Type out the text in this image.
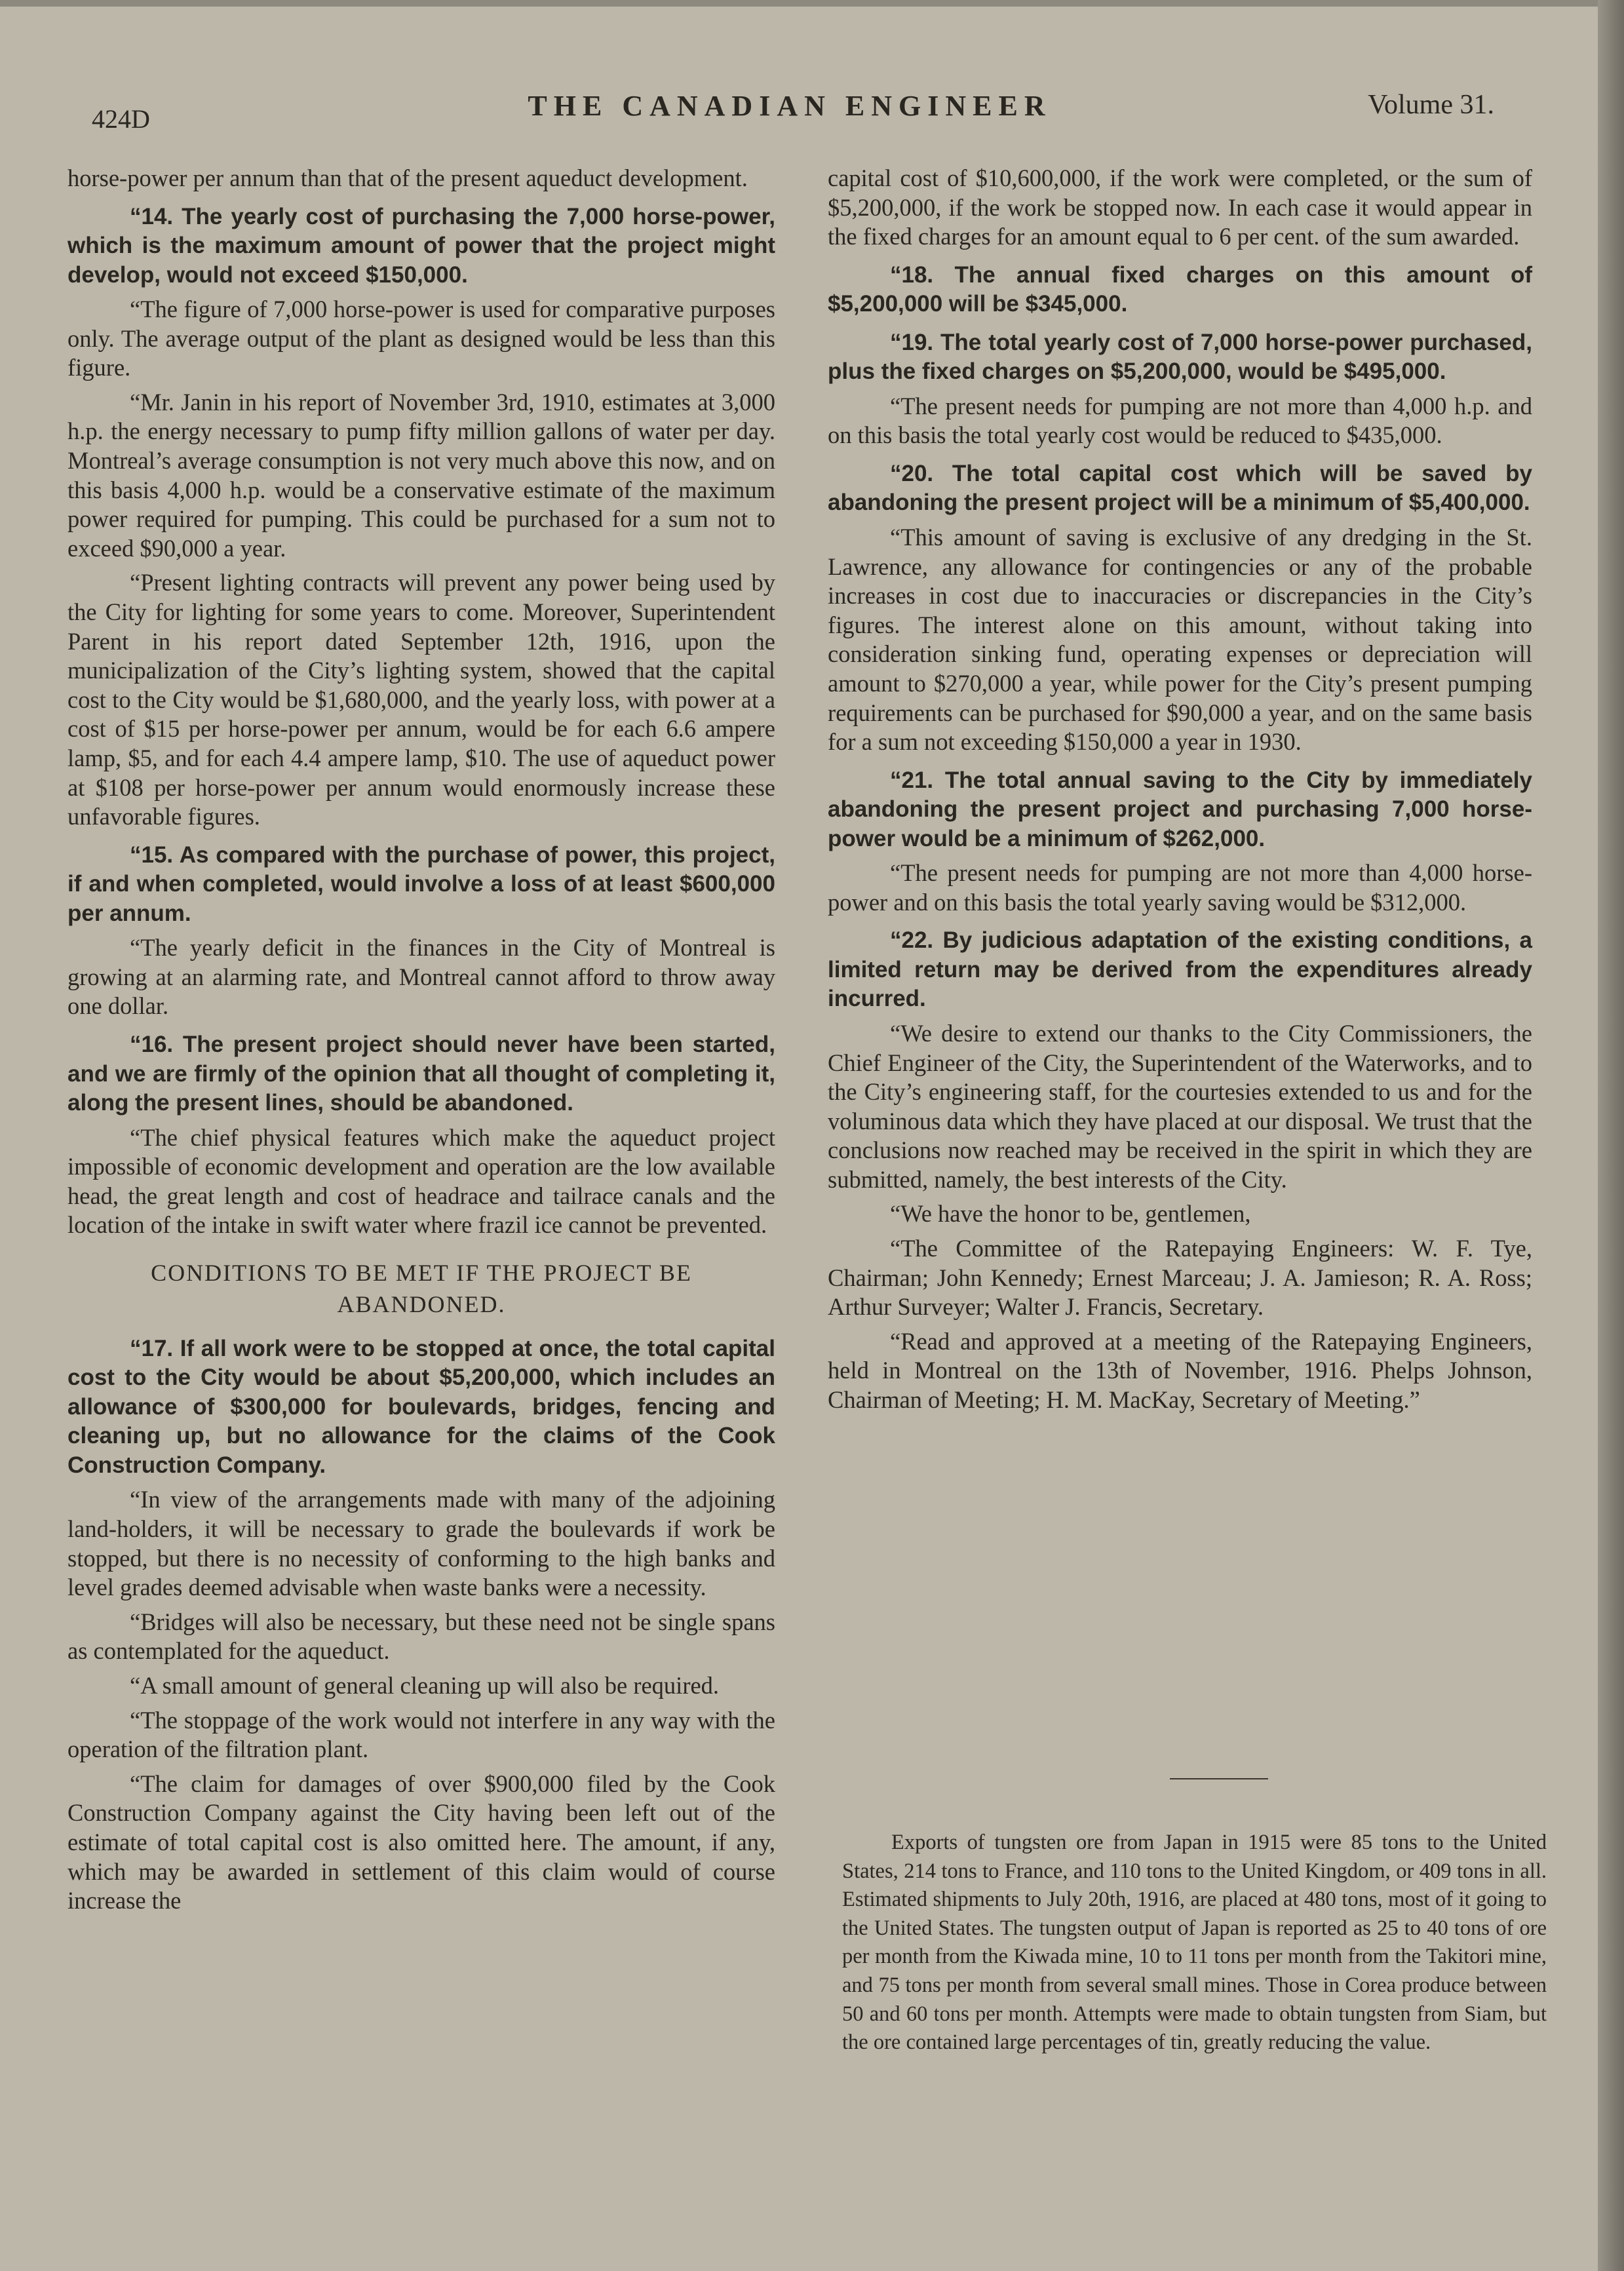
424D	THE CANADIAN ENGINEER	Volume 31.

horse-power per annum than that of the present aqueduct development.

“14. The yearly cost of purchasing the 7,000 horse-power, which is the maximum amount of power that the project might develop, would not exceed $150,000.

“The figure of 7,000 horse-power is used for comparative purposes only. The average output of the plant as designed would be less than this figure.

“Mr. Janin in his report of November 3rd, 1910, estimates at 3,000 h.p. the energy necessary to pump fifty million gallons of water per day. Montreal’s average consumption is not very much above this now, and on this basis 4,000 h.p. would be a conservative estimate of the maximum power required for pumping. This could be purchased for a sum not to exceed $90,000 a year.

“Present lighting contracts will prevent any power being used by the City for lighting for some years to come. Moreover, Superintendent Parent in his report dated September 12th, 1916, upon the municipalization of the City’s lighting system, showed that the capital cost to the City would be $1,680,000, and the yearly loss, with power at a cost of $15 per horse-power per annum, would be for each 6.6 ampere lamp, $5, and for each 4.4 ampere lamp, $10. The use of aqueduct power at $108 per horse-power per annum would enormously increase these unfavorable figures.

“15. As compared with the purchase of power, this project, if and when completed, would involve a loss of at least $600,000 per annum.

“The yearly deficit in the finances in the City of Montreal is growing at an alarming rate, and Montreal cannot afford to throw away one dollar.

“16. The present project should never have been started, and we are firmly of the opinion that all thought of completing it, along the present lines, should be abandoned.

“The chief physical features which make the aqueduct project impossible of economic development and operation are the low available head, the great length and cost of headrace and tailrace canals and the location of the intake in swift water where frazil ice cannot be prevented.

CONDITIONS TO BE MET IF THE PROJECT BE ABANDONED.

“17. If all work were to be stopped at once, the total capital cost to the City would be about $5,200,000, which includes an allowance of $300,000 for boulevards, bridges, fencing and cleaning up, but no allowance for the claims of the Cook Construction Company.

“In view of the arrangements made with many of the adjoining land-holders, it will be necessary to grade the boulevards if work be stopped, but there is no necessity of conforming to the high banks and level grades deemed advisable when waste banks were a necessity.

“Bridges will also be necessary, but these need not be single spans as contemplated for the aqueduct.

“A small amount of general cleaning up will also be required.

“The stoppage of the work would not interfere in any way with the operation of the filtration plant.

“The claim for damages of over $900,000 filed by the Cook Construction Company against the City having been left out of the estimate of total capital cost is also omitted here. The amount, if any, which may be awarded in settlement of this claim would of course increase the

capital cost of $10,600,000, if the work were completed, or the sum of $5,200,000, if the work be stopped now. In each case it would appear in the fixed charges for an amount equal to 6 per cent. of the sum awarded.

“18. The annual fixed charges on this amount of $5,200,000 will be $345,000.

“19. The total yearly cost of 7,000 horse-power purchased, plus the fixed charges on $5,200,000, would be $495,000.

“The present needs for pumping are not more than 4,000 h.p. and on this basis the total yearly cost would be reduced to $435,000.

“20. The total capital cost which will be saved by abandoning the present project will be a minimum of $5,400,000.

“This amount of saving is exclusive of any dredging in the St. Lawrence, any allowance for contingencies or any of the probable increases in cost due to inaccuracies or discrepancies in the City’s figures. The interest alone on this amount, without taking into consideration sinking fund, operating expenses or depreciation will amount to $270,000 a year, while power for the City’s present pumping requirements can be purchased for $90,000 a year, and on the same basis for a sum not exceeding $150,000 a year in 1930.

“21. The total annual saving to the City by immediately abandoning the present project and purchasing 7,000 horse-power would be a minimum of $262,000.

“The present needs for pumping are not more than 4,000 horse-power and on this basis the total yearly saving would be $312,000.

“22. By judicious adaptation of the existing conditions, a limited return may be derived from the expenditures already incurred.

“We desire to extend our thanks to the City Commissioners, the Chief Engineer of the City, the Superintendent of the Waterworks, and to the City’s engineering staff, for the courtesies extended to us and for the voluminous data which they have placed at our disposal. We trust that the conclusions now reached may be received in the spirit in which they are submitted, namely, the best interests of the City.

“We have the honor to be, gentlemen,

“The Committee of the Ratepaying Engineers: W. F. Tye, Chairman; John Kennedy; Ernest Marceau; J. A. Jamieson; R. A. Ross; Arthur Surveyer; Walter J. Francis, Secretary.

“Read and approved at a meeting of the Ratepaying Engineers, held in Montreal on the 13th of November, 1916. Phelps Johnson, Chairman of Meeting; H. M. MacKay, Secretary of Meeting.”

Exports of tungsten ore from Japan in 1915 were 85 tons to the United States, 214 tons to France, and 110 tons to the United Kingdom, or 409 tons in all. Estimated shipments to July 20th, 1916, are placed at 480 tons, most of it going to the United States. The tungsten output of Japan is reported as 25 to 40 tons of ore per month from the Kiwada mine, 10 to 11 tons per month from the Takitori mine, and 75 tons per month from several small mines. Those in Corea produce between 50 and 60 tons per month. Attempts were made to obtain tungsten from Siam, but the ore contained large percentages of tin, greatly reducing the value.
